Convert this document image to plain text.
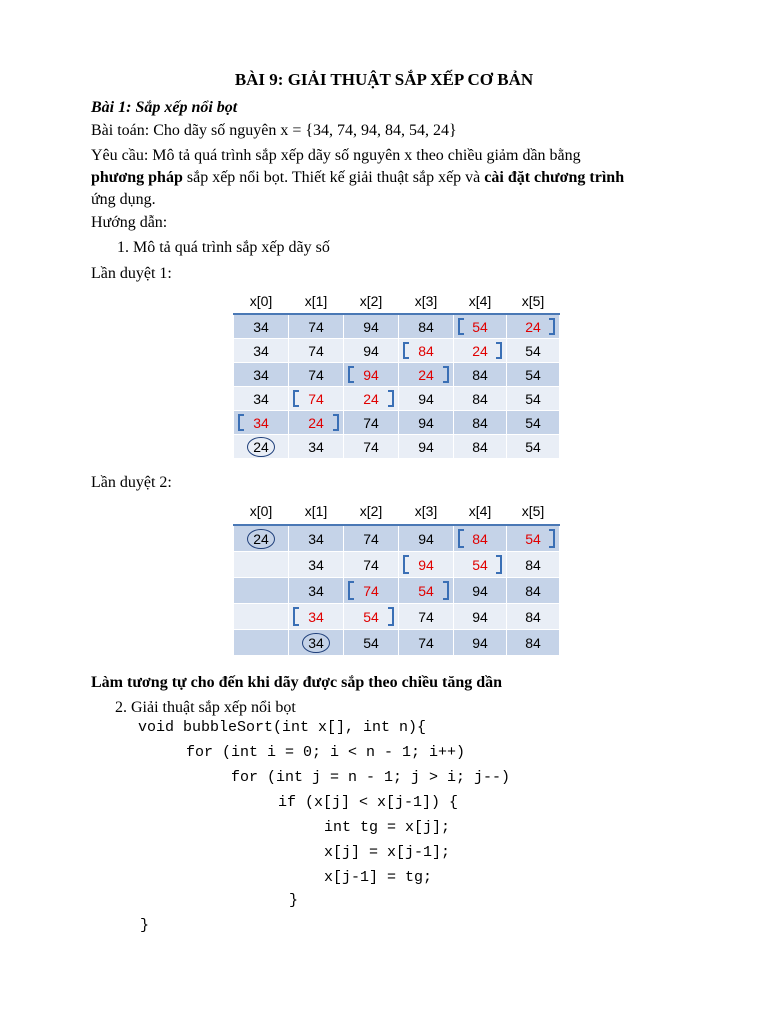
BÀI 9: GIẢI THUẬT SẮP XẾP CƠ BẢN
Bài 1: Sắp xếp nổi bọt
Bài toán: Cho dãy số nguyên x = {34, 74, 94, 84, 54, 24}
Yêu cầu: Mô tả quá trình sắp xếp dãy số nguyên x theo chiều giảm dần bằng
phương pháp sắp xếp nổi bọt. Thiết kế giải thuật sắp xếp và cài đặt chương trình
ứng dụng.
Hướng dẫn:
1. Mô tả quá trình sắp xếp dãy số
Lần duyệt 1:
x[0]	x[1]	x[2]	x[3]	x[4]	x[5]
34	74	94	84	54	24
34	74	94	84	24	54
34	74	94	24	84	54
34	74	24	94	84	54
34	24	74	94	84	54
24	34	74	94	84	54
Lần duyệt 2:
x[0]	x[1]	x[2]	x[3]	x[4]	x[5]
24	34	74	94	84	54
	34	74	94	54	84
	34	74	54	94	84
	34	54	74	94	84
	34	54	74	94	84
Làm tương tự cho đến khi dãy được sắp theo chiều tăng dần
2. Giải thuật sắp xếp nổi bọt
void bubbleSort(int x[], int n){
for (int i = 0; i < n - 1; i++)
for (int j = n - 1; j > i; j--)
if (x[j] < x[j-1]) {
int tg = x[j];
x[j] = x[j-1];
x[j-1] = tg;
}
}
